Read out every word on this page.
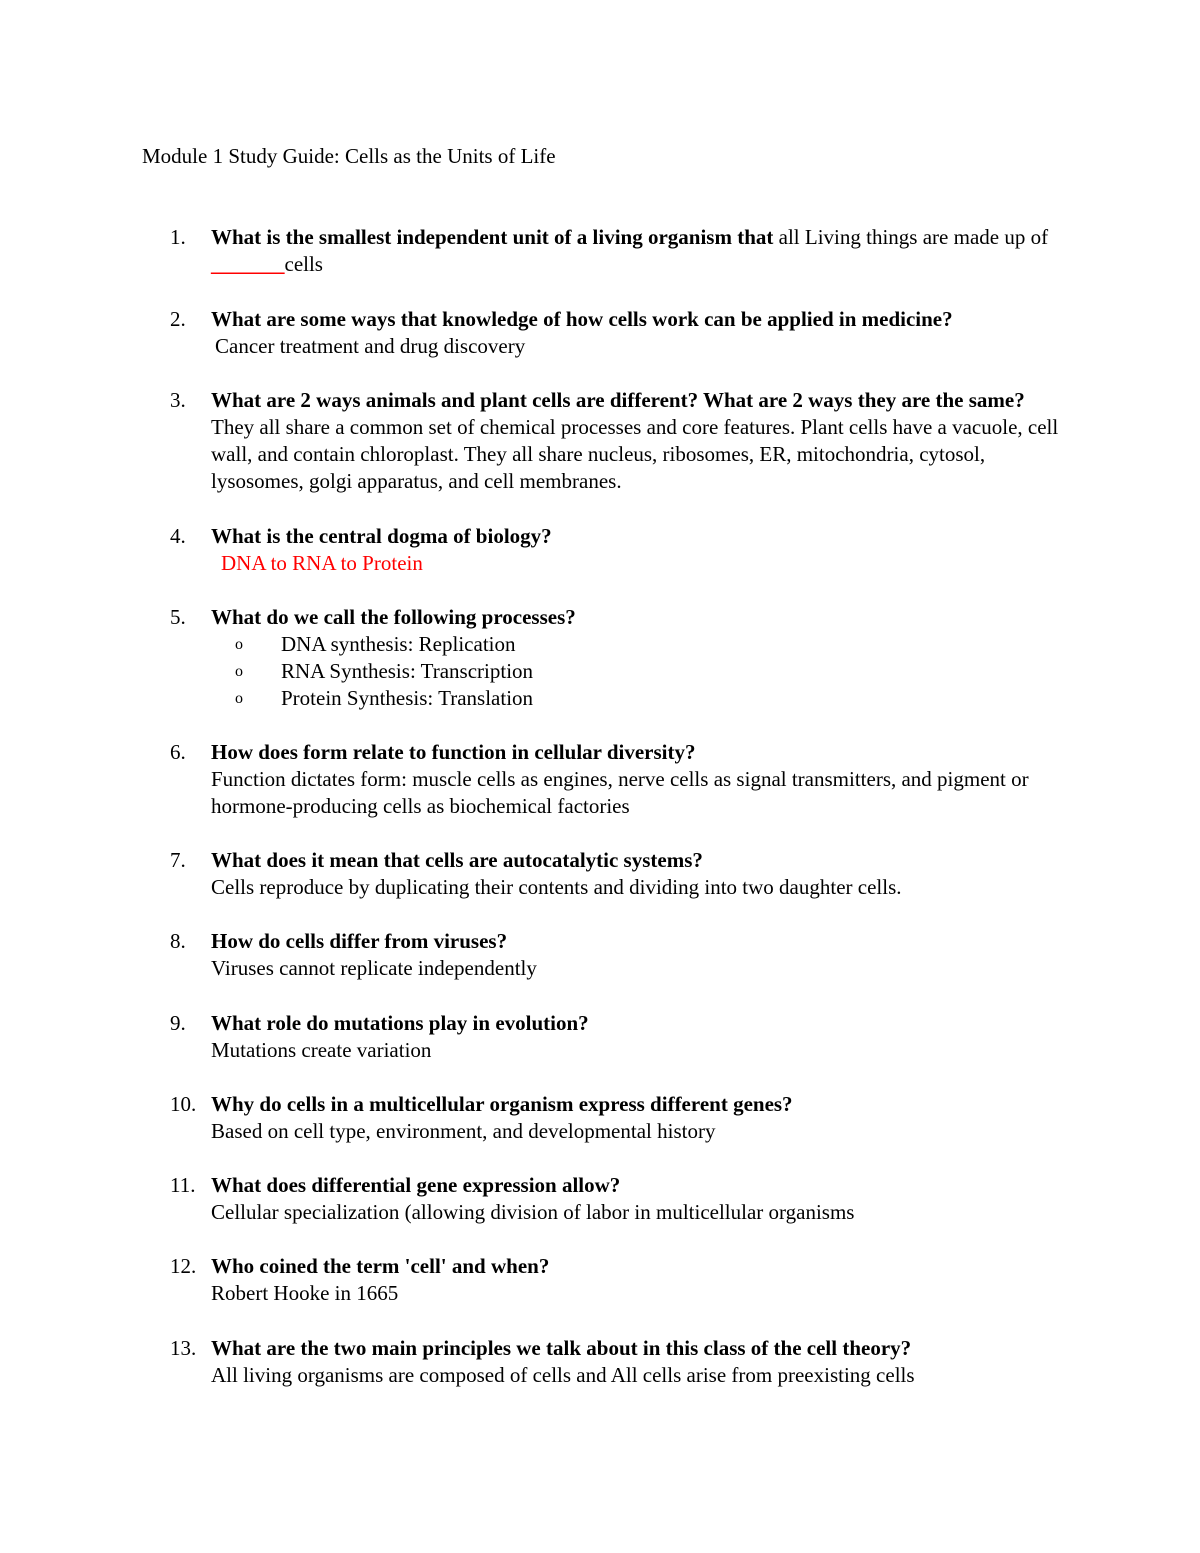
Module 1 Study Guide: Cells as the Units of Life
1.	What is the smallest independent unit of a living organism that all Living things are made up of _______cells
2.	What are some ways that knowledge of how cells work can be applied in medicine?
Cancer treatment and drug discovery
3.	What are 2 ways animals and plant cells are different? What are 2 ways they are the same? They all share a common set of chemical processes and core features. Plant cells have a vacuole, cell wall, and contain chloroplast. They all share nucleus, ribosomes, ER, mitochondria, cytosol, lysosomes, golgi apparatus, and cell membranes.
4.	What is the central dogma of biology?
DNA to RNA to Protein
5.	What do we call the following processes?
o DNA synthesis: Replication
o RNA Synthesis: Transcription
o Protein Synthesis: Translation
6.	How does form relate to function in cellular diversity?
Function dictates form: muscle cells as engines, nerve cells as signal transmitters, and pigment or hormone-producing cells as biochemical factories
7.	What does it mean that cells are autocatalytic systems?
Cells reproduce by duplicating their contents and dividing into two daughter cells.
8.	How do cells differ from viruses?
Viruses cannot replicate independently
9.	What role do mutations play in evolution?
Mutations create variation
10. Why do cells in a multicellular organism express different genes?
Based on cell type, environment, and developmental history
11. What does differential gene expression allow?
Cellular specialization (allowing division of labor in multicellular organisms
12. Who coined the term 'cell' and when?
Robert Hooke in 1665
13. What are the two main principles we talk about in this class of the cell theory?
All living organisms are composed of cells and All cells arise from preexisting cells
